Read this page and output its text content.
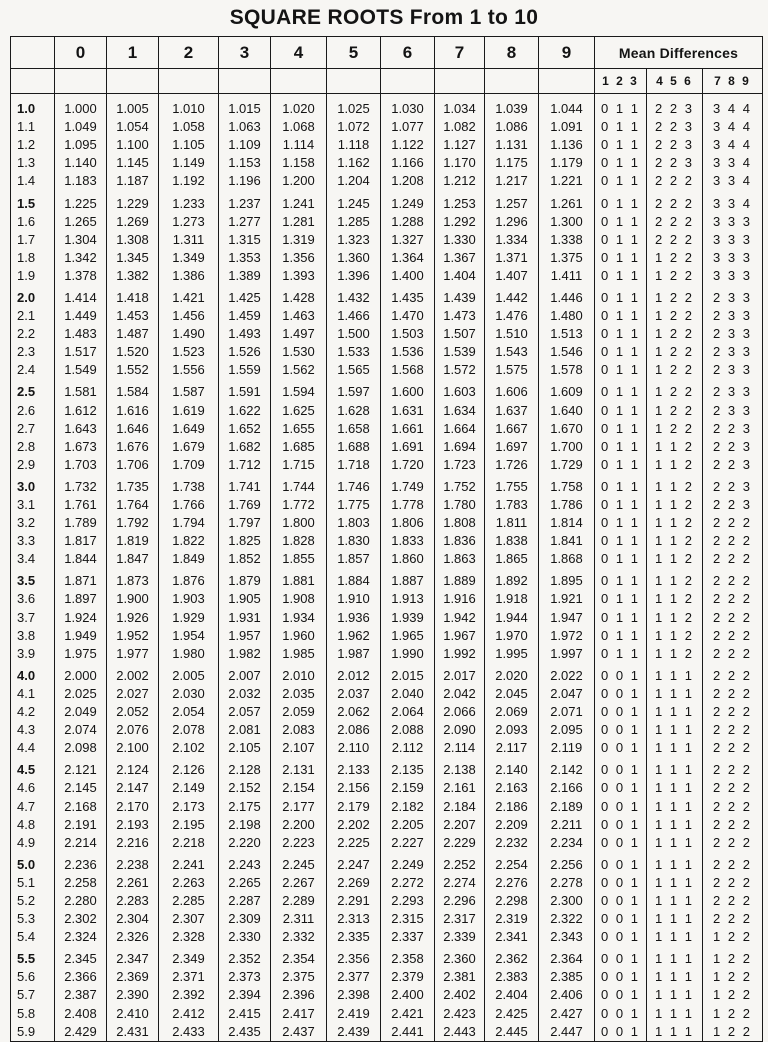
SQUARE ROOTS From 1 to 10
	0	1	2	3	4	5	6	7	8	9	Mean Differences		
											1 2 3	4 5 6	7 8 9

1.0	1.000	1.005	1.010	1.015	1.020	1.025	1.030	1.034	1.039	1.044	0 1 1	2 2 3	3 4 4
1.1	1.049	1.054	1.058	1.063	1.068	1.072	1.077	1.082	1.086	1.091	0 1 1	2 2 3	3 4 4
1.2	1.095	1.100	1.105	1.109	1.114	1.118	1.122	1.127	1.131	1.136	0 1 1	2 2 3	3 4 4
1.3	1.140	1.145	1.149	1.153	1.158	1.162	1.166	1.170	1.175	1.179	0 1 1	2 2 3	3 3 4
1.4	1.183	1.187	1.192	1.196	1.200	1.204	1.208	1.212	1.217	1.221	0 1 1	2 2 2	3 3 4
1.5	1.225	1.229	1.233	1.237	1.241	1.245	1.249	1.253	1.257	1.261	0 1 1	2 2 2	3 3 4
1.6	1.265	1.269	1.273	1.277	1.281	1.285	1.288	1.292	1.296	1.300	0 1 1	2 2 2	3 3 3
1.7	1.304	1.308	1.311	1.315	1.319	1.323	1.327	1.330	1.334	1.338	0 1 1	2 2 2	3 3 3
1.8	1.342	1.345	1.349	1.353	1.356	1.360	1.364	1.367	1.371	1.375	0 1 1	1 2 2	3 3 3
1.9	1.378	1.382	1.386	1.389	1.393	1.396	1.400	1.404	1.407	1.411	0 1 1	1 2 2	3 3 3
2.0	1.414	1.418	1.421	1.425	1.428	1.432	1.435	1.439	1.442	1.446	0 1 1	1 2 2	2 3 3
2.1	1.449	1.453	1.456	1.459	1.463	1.466	1.470	1.473	1.476	1.480	0 1 1	1 2 2	2 3 3
2.2	1.483	1.487	1.490	1.493	1.497	1.500	1.503	1.507	1.510	1.513	0 1 1	1 2 2	2 3 3
2.3	1.517	1.520	1.523	1.526	1.530	1.533	1.536	1.539	1.543	1.546	0 1 1	1 2 2	2 3 3
2.4	1.549	1.552	1.556	1.559	1.562	1.565	1.568	1.572	1.575	1.578	0 1 1	1 2 2	2 3 3
2.5	1.581	1.584	1.587	1.591	1.594	1.597	1.600	1.603	1.606	1.609	0 1 1	1 2 2	2 3 3
2.6	1.612	1.616	1.619	1.622	1.625	1.628	1.631	1.634	1.637	1.640	0 1 1	1 2 2	2 3 3
2.7	1.643	1.646	1.649	1.652	1.655	1.658	1.661	1.664	1.667	1.670	0 1 1	1 2 2	2 2 3
2.8	1.673	1.676	1.679	1.682	1.685	1.688	1.691	1.694	1.697	1.700	0 1 1	1 1 2	2 2 3
2.9	1.703	1.706	1.709	1.712	1.715	1.718	1.720	1.723	1.726	1.729	0 1 1	1 1 2	2 2 3
3.0	1.732	1.735	1.738	1.741	1.744	1.746	1.749	1.752	1.755	1.758	0 1 1	1 1 2	2 2 3
3.1	1.761	1.764	1.766	1.769	1.772	1.775	1.778	1.780	1.783	1.786	0 1 1	1 1 2	2 2 3
3.2	1.789	1.792	1.794	1.797	1.800	1.803	1.806	1.808	1.811	1.814	0 1 1	1 1 2	2 2 2
3.3	1.817	1.819	1.822	1.825	1.828	1.830	1.833	1.836	1.838	1.841	0 1 1	1 1 2	2 2 2
3.4	1.844	1.847	1.849	1.852	1.855	1.857	1.860	1.863	1.865	1.868	0 1 1	1 1 2	2 2 2
3.5	1.871	1.873	1.876	1.879	1.881	1.884	1.887	1.889	1.892	1.895	0 1 1	1 1 2	2 2 2
3.6	1.897	1.900	1.903	1.905	1.908	1.910	1.913	1.916	1.918	1.921	0 1 1	1 1 2	2 2 2
3.7	1.924	1.926	1.929	1.931	1.934	1.936	1.939	1.942	1.944	1.947	0 1 1	1 1 2	2 2 2
3.8	1.949	1.952	1.954	1.957	1.960	1.962	1.965	1.967	1.970	1.972	0 1 1	1 1 2	2 2 2
3.9	1.975	1.977	1.980	1.982	1.985	1.987	1.990	1.992	1.995	1.997	0 1 1	1 1 2	2 2 2
4.0	2.000	2.002	2.005	2.007	2.010	2.012	2.015	2.017	2.020	2.022	0 0 1	1 1 1	2 2 2
4.1	2.025	2.027	2.030	2.032	2.035	2.037	2.040	2.042	2.045	2.047	0 0 1	1 1 1	2 2 2
4.2	2.049	2.052	2.054	2.057	2.059	2.062	2.064	2.066	2.069	2.071	0 0 1	1 1 1	2 2 2
4.3	2.074	2.076	2.078	2.081	2.083	2.086	2.088	2.090	2.093	2.095	0 0 1	1 1 1	2 2 2
4.4	2.098	2.100	2.102	2.105	2.107	2.110	2.112	2.114	2.117	2.119	0 0 1	1 1 1	2 2 2
4.5	2.121	2.124	2.126	2.128	2.131	2.133	2.135	2.138	2.140	2.142	0 0 1	1 1 1	2 2 2
4.6	2.145	2.147	2.149	2.152	2.154	2.156	2.159	2.161	2.163	2.166	0 0 1	1 1 1	2 2 2
4.7	2.168	2.170	2.173	2.175	2.177	2.179	2.182	2.184	2.186	2.189	0 0 1	1 1 1	2 2 2
4.8	2.191	2.193	2.195	2.198	2.200	2.202	2.205	2.207	2.209	2.211	0 0 1	1 1 1	2 2 2
4.9	2.214	2.216	2.218	2.220	2.223	2.225	2.227	2.229	2.232	2.234	0 0 1	1 1 1	2 2 2
5.0	2.236	2.238	2.241	2.243	2.245	2.247	2.249	2.252	2.254	2.256	0 0 1	1 1 1	2 2 2
5.1	2.258	2.261	2.263	2.265	2.267	2.269	2.272	2.274	2.276	2.278	0 0 1	1 1 1	2 2 2
5.2	2.280	2.283	2.285	2.287	2.289	2.291	2.293	2.296	2.298	2.300	0 0 1	1 1 1	2 2 2
5.3	2.302	2.304	2.307	2.309	2.311	2.313	2.315	2.317	2.319	2.322	0 0 1	1 1 1	2 2 2
5.4	2.324	2.326	2.328	2.330	2.332	2.335	2.337	2.339	2.341	2.343	0 0 1	1 1 1	1 2 2
5.5	2.345	2.347	2.349	2.352	2.354	2.356	2.358	2.360	2.362	2.364	0 0 1	1 1 1	1 2 2
5.6	2.366	2.369	2.371	2.373	2.375	2.377	2.379	2.381	2.383	2.385	0 0 1	1 1 1	1 2 2
5.7	2.387	2.390	2.392	2.394	2.396	2.398	2.400	2.402	2.404	2.406	0 0 1	1 1 1	1 2 2
5.8	2.408	2.410	2.412	2.415	2.417	2.419	2.421	2.423	2.425	2.427	0 0 1	1 1 1	1 2 2
5.9	2.429	2.431	2.433	2.435	2.437	2.439	2.441	2.443	2.445	2.447	0 0 1	1 1 1	1 2 2
